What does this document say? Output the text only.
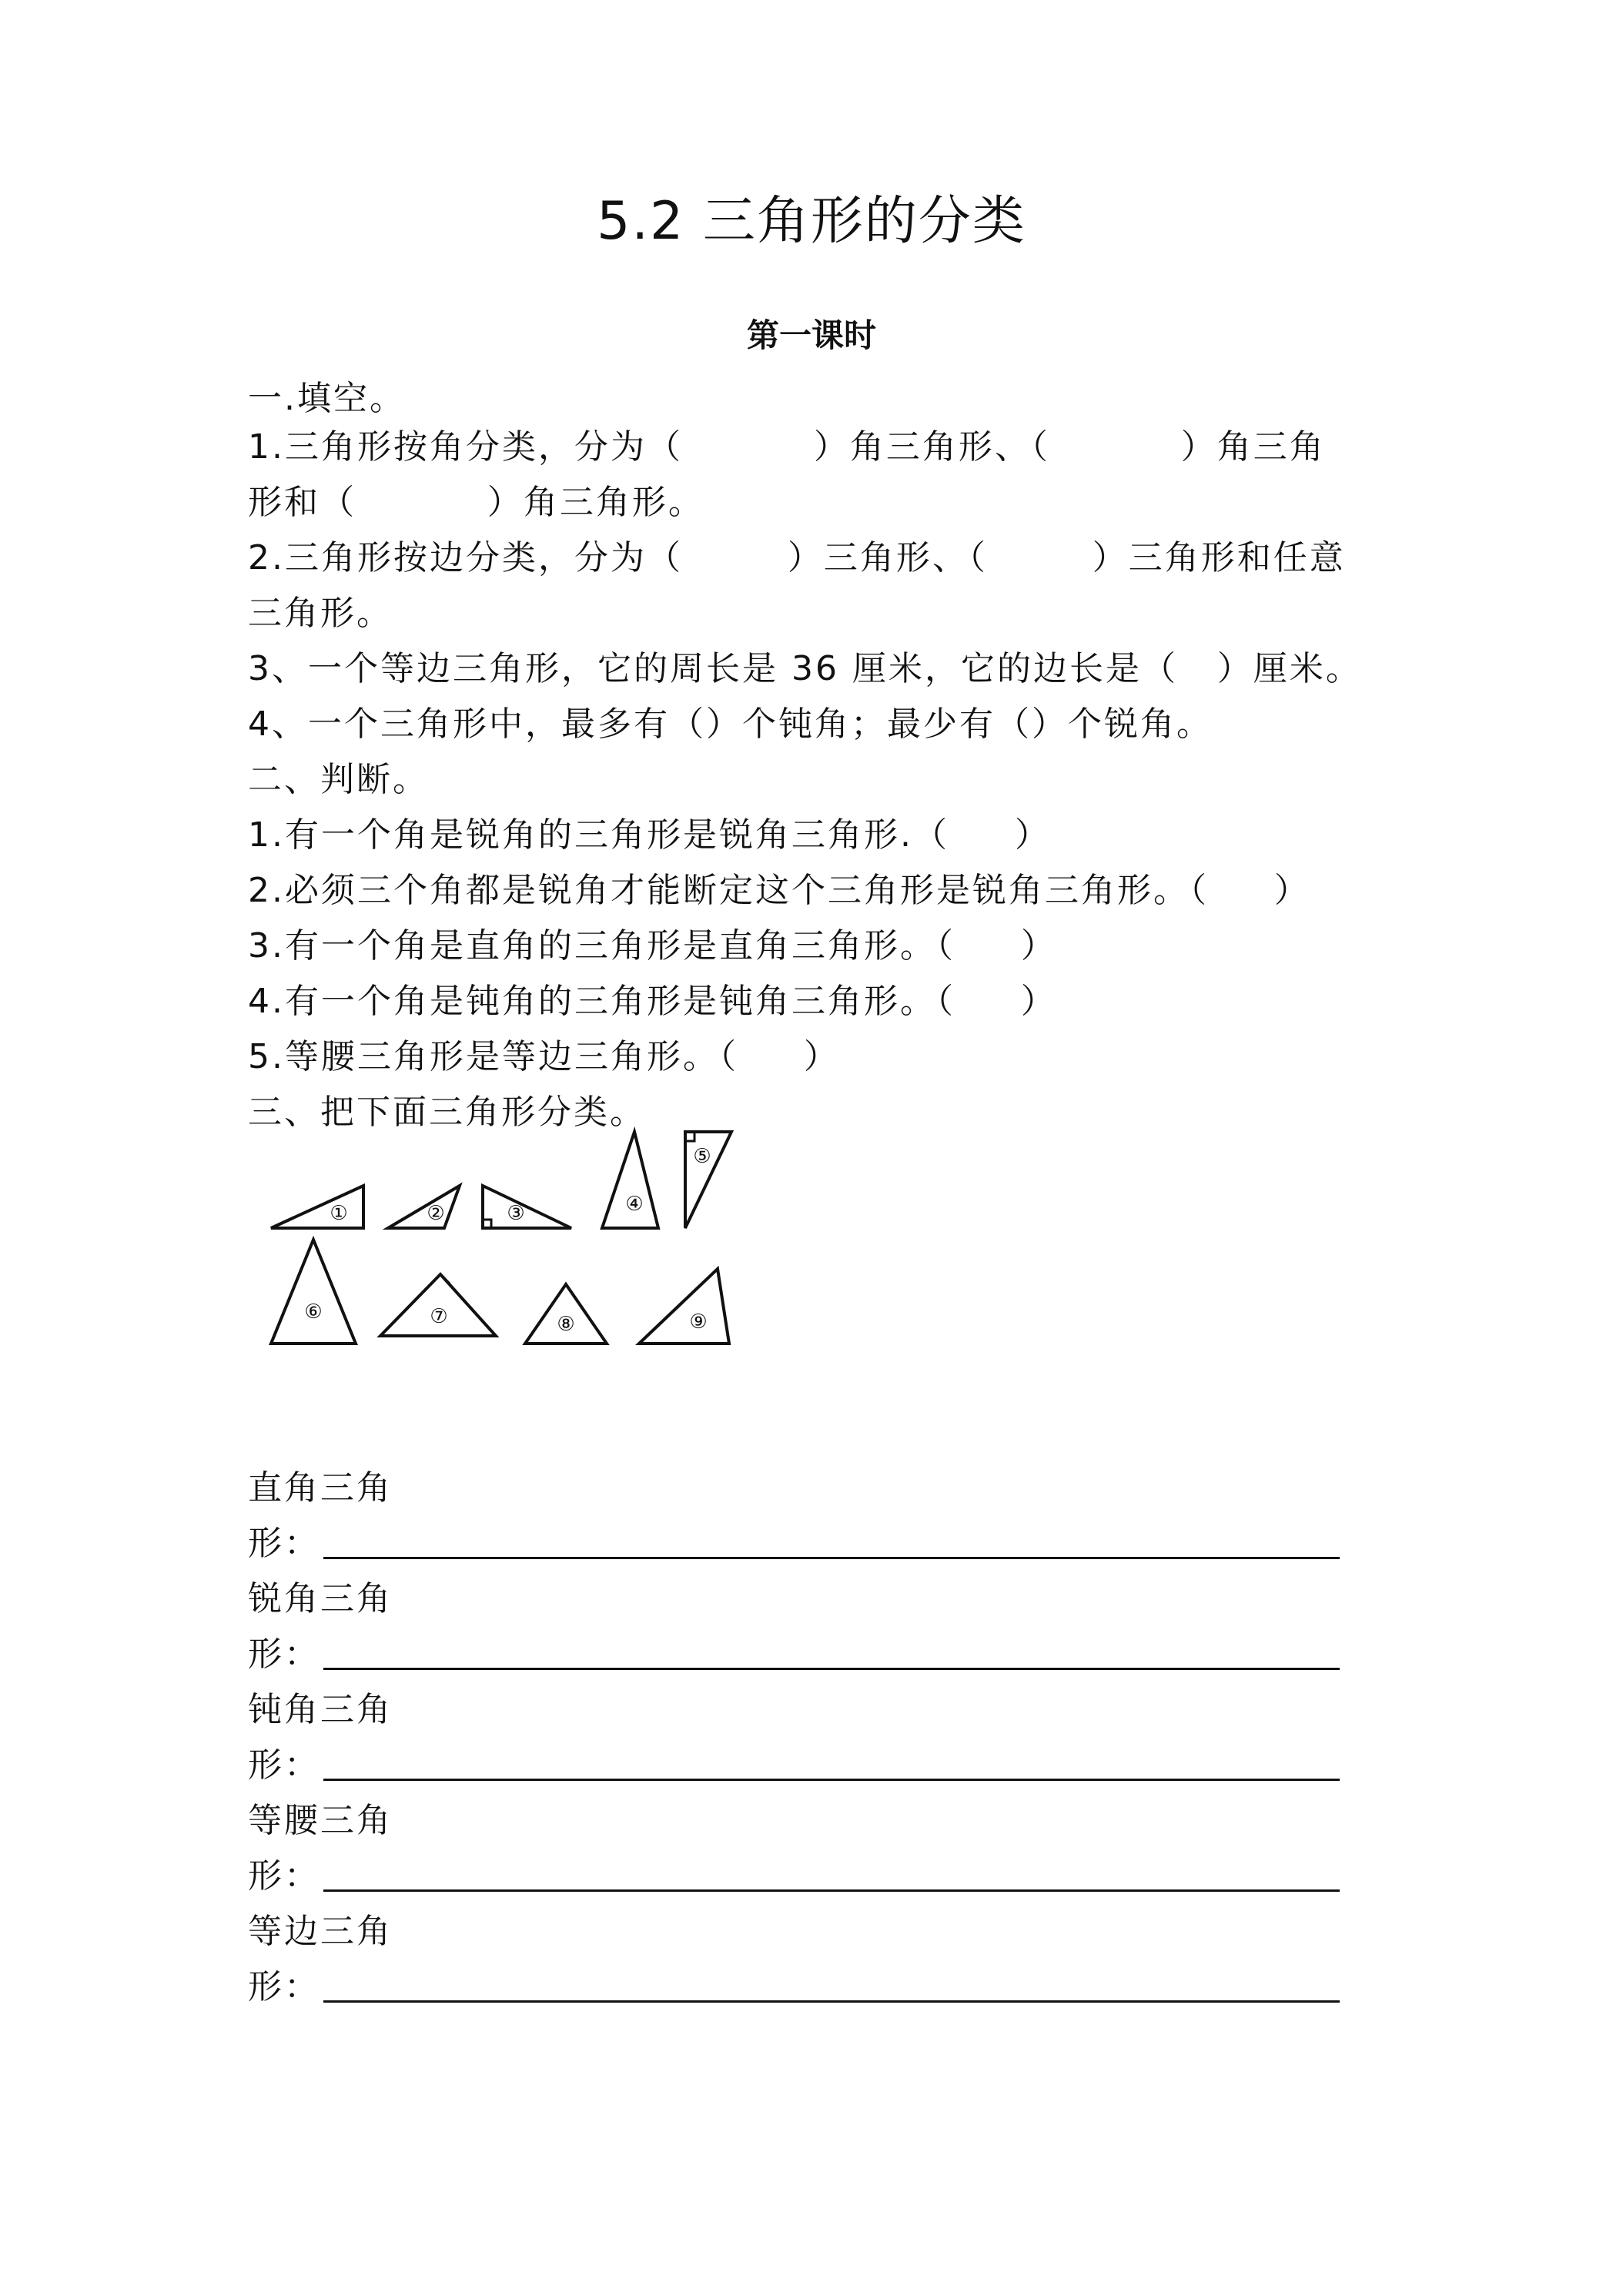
5.2 三角形的分类
第一课时
一.填空。
1.三角形按角分类，分为（          ）角三角形、（          ）角三角
形和（          ）角三角形。
2.三角形按边分类，分为（        ）三角形、（        ）三角形和任意
三角形。
3、一个等边三角形，它的周长是 36 厘米，它的边长是（   ）厘米。
4、一个三角形中，最多有（）个钝角；最少有（）个锐角。
二、判断。
1.有一个角是锐角的三角形是锐角三角形.（     ）
2.必须三个角都是锐角才能断定这个三角形是锐角三角形。（     ）
3.有一个角是直角的三角形是直角三角形。（     ）
4.有一个角是钝角的三角形是钝角三角形。（     ）
5.等腰三角形是等边三角形。（     ）
三、把下面三角形分类。
①	②	③	④
⑤
⑥	⑦	⑧	⑨
直角三角
形：
锐角三角
形：
钝角三角
形：
等腰三角
形：
等边三角
形：
